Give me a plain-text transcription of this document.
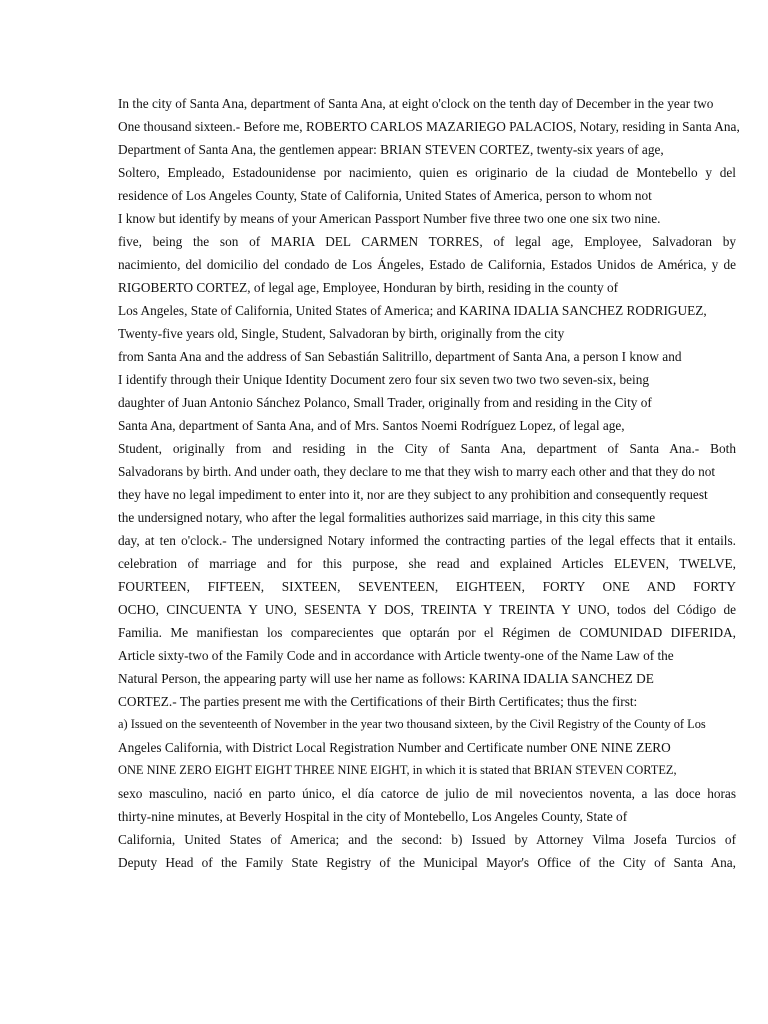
In the city of Santa Ana, department of Santa Ana, at eight o'clock on the tenth day of December in the year two
One thousand sixteen.- Before me, ROBERTO CARLOS MAZARIEGO PALACIOS, Notary, residing in Santa Ana,
Department of Santa Ana, the gentlemen appear: BRIAN STEVEN CORTEZ, twenty-six years of age,
Soltero, Empleado, Estadounidense por nacimiento, quien es originario de la ciudad de Montebello y del
residence of Los Angeles County, State of California, United States of America, person to whom not
I know but identify by means of your American Passport Number five three two one one six two nine.
five, being the son of MARIA DEL CARMEN TORRES, of legal age, Employee, Salvadoran by
nacimiento, del domicilio del condado de Los Ángeles, Estado de California, Estados Unidos de América, y de
RIGOBERTO CORTEZ, of legal age, Employee, Honduran by birth, residing in the county of
Los Angeles, State of California, United States of America; and KARINA IDALIA SANCHEZ RODRIGUEZ,
Twenty-five years old, Single, Student, Salvadoran by birth, originally from the city
from Santa Ana and the address of San Sebastián Salitrillo, department of Santa Ana, a person I know and
I identify through their Unique Identity Document zero four six seven two two two seven-six, being
daughter of Juan Antonio Sánchez Polanco, Small Trader, originally from and residing in the City of
Santa Ana, department of Santa Ana, and of Mrs. Santos Noemi Rodríguez Lopez, of legal age,
Student, originally from and residing in the City of Santa Ana, department of Santa Ana.- Both
Salvadorans by birth. And under oath, they declare to me that they wish to marry each other and that they do not
they have no legal impediment to enter into it, nor are they subject to any prohibition and consequently request
the undersigned notary, who after the legal formalities authorizes said marriage, in this city this same
day, at ten o'clock.- The undersigned Notary informed the contracting parties of the legal effects that it entails.
celebration of marriage and for this purpose, she read and explained Articles ELEVEN, TWELVE,
FOURTEEN, FIFTEEN, SIXTEEN, SEVENTEEN, EIGHTEEN, FORTY ONE AND FORTY
OCHO, CINCUENTA Y UNO, SESENTA Y DOS, TREINTA Y TREINTA Y UNO, todos del Código de
Familia. Me manifiestan los comparecientes que optarán por el Régimen de COMUNIDAD DIFERIDA,
Article sixty-two of the Family Code and in accordance with Article twenty-one of the Name Law of the
Natural Person, the appearing party will use her name as follows: KARINA IDALIA SANCHEZ DE
CORTEZ.- The parties present me with the Certifications of their Birth Certificates; thus the first:
a) Issued on the seventeenth of November in the year two thousand sixteen, by the Civil Registry of the County of Los
Angeles California, with District Local Registration Number and Certificate number ONE NINE ZERO
ONE NINE ZERO EIGHT EIGHT THREE NINE EIGHT, in which it is stated that BRIAN STEVEN CORTEZ,
sexo masculino, nació en parto único, el día catorce de julio de mil novecientos noventa, a las doce horas
thirty-nine minutes, at Beverly Hospital in the city of Montebello, Los Angeles County, State of
California, United States of America; and the second: b) Issued by Attorney Vilma Josefa Turcios of
Deputy Head of the Family State Registry of the Municipal Mayor's Office of the City of Santa Ana,
